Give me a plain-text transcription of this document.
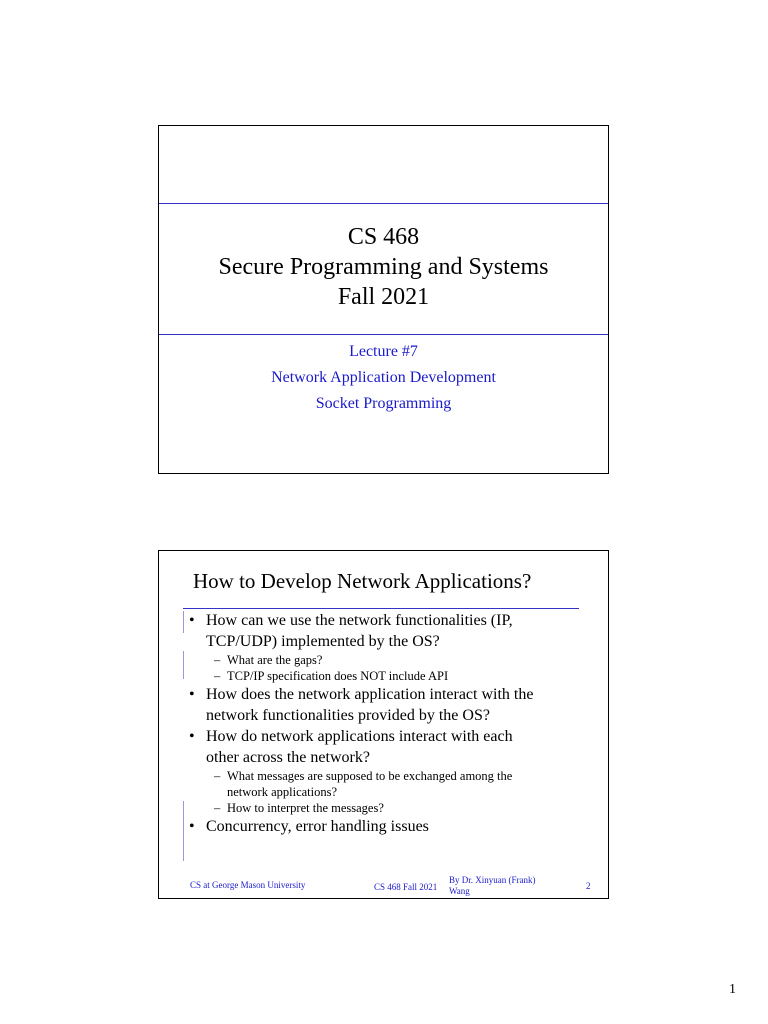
CS 468
Secure Programming and Systems
Fall 2021
Lecture #7
Network Application Development
Socket Programming
How to Develop Network Applications?
• How can we use the network functionalities (IP,
TCP/UDP) implemented by the OS?
– What are the gaps?
– TCP/IP specification does NOT include API
• How does the network application interact with the
network functionalities provided by the OS?
• How do network applications interact with each
other across the network?
– What messages are supposed to be exchanged among the
network applications?
– How to interpret the messages?
• Concurrency, error handling issues
CS at George Mason University	CS 468 Fall 2021
By Dr. Xinyuan (Frank)
Wang	2
1
